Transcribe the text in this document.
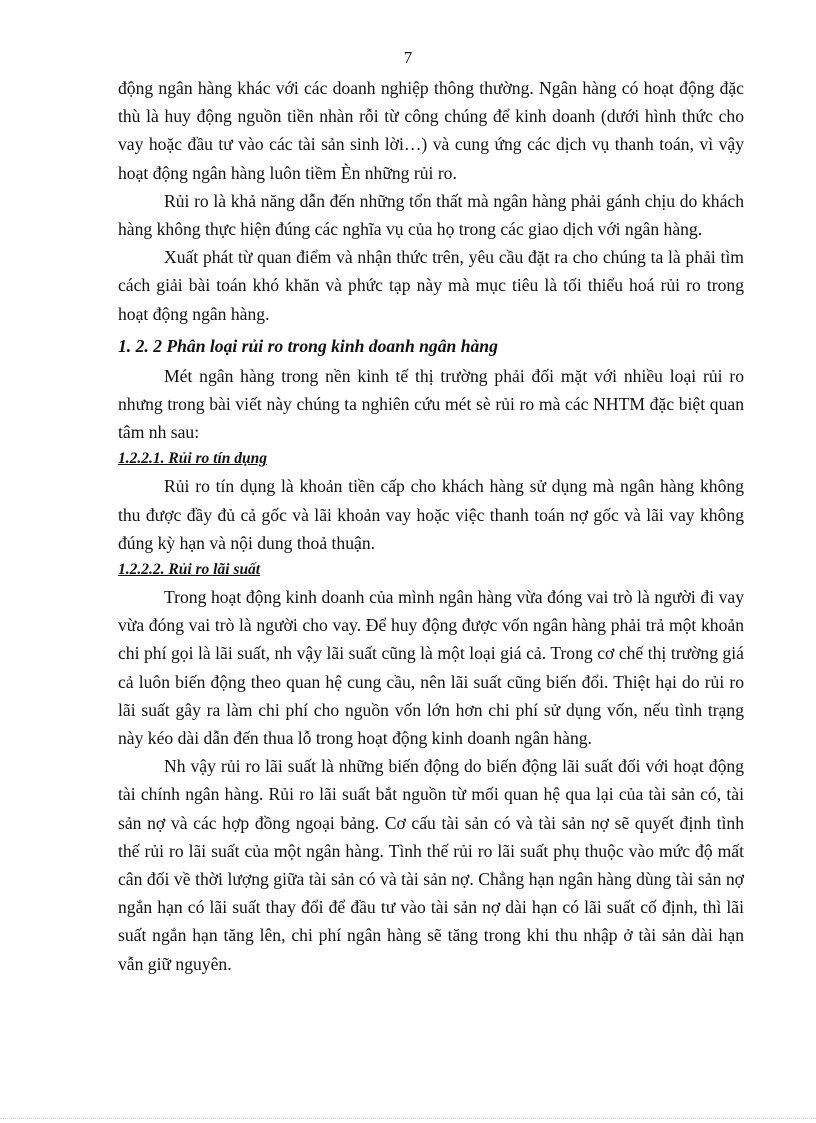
7

động ngân hàng khác với các doanh nghiệp thông thường. Ngân hàng có hoạt động đặc thù là huy động nguồn tiền nhàn rỗi từ công chúng để kinh doanh (dưới hình thức cho vay hoặc đầu tư vào các tài sản sinh lời…) và cung ứng các dịch vụ thanh toán, vì vậy hoạt động ngân hàng luôn tiềm Èn những rủi ro.

Rủi ro là khả năng dẫn đến những tổn thất mà ngân hàng phải gánh chịu do khách hàng không thực hiện đúng các nghĩa vụ của họ trong các giao dịch với ngân hàng.

Xuất phát từ quan điểm và nhận thức trên, yêu cầu đặt ra cho chúng ta là phải tìm cách giải bài toán khó khăn và phức tạp này mà mục tiêu là tối thiểu hoá rủi ro trong hoạt động ngân hàng.

1. 2. 2 Phân loại rủi ro trong kinh doanh ngân hàng

Mét ngân hàng trong nền kinh tế thị trường phải đối mặt với nhiều loại rủi ro nhưng trong bài viết này chúng ta nghiên cứu mét sè rủi ro mà các NHTM đặc biệt quan tâm nh sau:

1.2.2.1. Rủi ro tín dụng

Rủi ro tín dụng là khoản tiền cấp cho khách hàng sử dụng mà ngân hàng không thu được đầy đủ cả gốc và lãi khoản vay hoặc việc thanh toán nợ gốc và lãi vay không đúng kỳ hạn và nội dung thoả thuận.

1.2.2.2. Rủi ro lãi suất

Trong hoạt động kinh doanh của mình ngân hàng vừa đóng vai trò là người đi vay vừa đóng vai trò là người cho vay. Để huy động được vốn ngân hàng phải trả một khoản chi phí gọi là lãi suất, nh vậy lãi suất cũng là một loại giá cả. Trong cơ chế thị trường giá cả luôn biến động theo quan hệ cung cầu, nên lãi suất cũng biến đổi. Thiệt hại do rủi ro lãi suất gây ra làm chi phí cho nguồn vốn lớn hơn chi phí sử dụng vốn, nếu tình trạng này kéo dài dẫn đến thua lỗ trong hoạt động kinh doanh ngân hàng.

Nh vậy rủi ro lãi suất là những biến động do biến động lãi suất đối với hoạt động tài chính ngân hàng. Rủi ro lãi suất bắt nguồn từ mối quan hệ qua lại của tài sản có, tài sản nợ và các hợp đồng ngoại bảng. Cơ cấu tài sản có và tài sản nợ sẽ quyết định tình thế rủi ro lãi suất của một ngân hàng. Tình thế rủi ro lãi suất phụ thuộc vào mức độ mất cân đối về thời lượng giữa tài sản có và tài sản nợ. Chẳng hạn ngân hàng dùng tài sản nợ ngắn hạn có lãi suất thay đổi để đầu tư vào tài sản nợ dài hạn có lãi suất cố định, thì lãi suất ngắn hạn tăng lên, chi phí ngân hàng sẽ tăng trong khi thu nhập ở tài sản dài hạn vẫn giữ nguyên.
